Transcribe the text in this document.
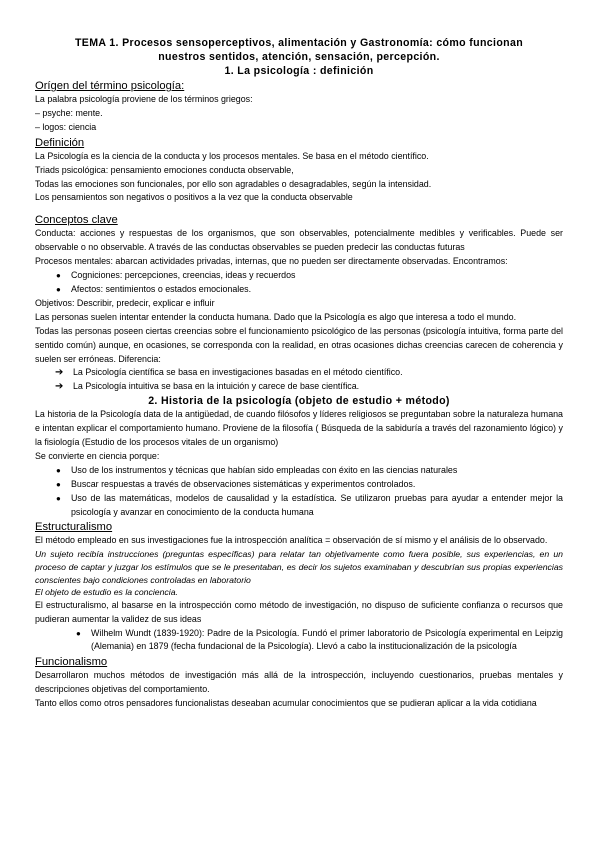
TEMA 1. Procesos sensoperceptivos, alimentación y Gastronomía: cómo funcionan
nuestros sentidos, atención, sensación, percepción.
1. La psicología : definición
Orígen del término psicología:

La palabra psicología proviene de los términos griegos:

– psyche: mente.

– logos: ciencia

Definición

La Psicología es la ciencia de la conducta y los procesos mentales. Se basa en el método científico.

Triads psicológica: pensamiento emociones conducta observable,

Todas las emociones son funcionales, por ello son agradables o desagradables, según la intensidad.

Los pensamientos son negativos o positivos a la vez que la conducta observable

Conceptos clave

Conducta: acciones y respuestas de los organismos, que son observables, potencialmente medibles y verificables. Puede ser observable o no observable. A través de las conductas observables se pueden predecir las conductas futuras

Procesos mentales: abarcan actividades privadas, internas, que no pueden ser directamente observadas. Encontramos:

● Cogniciones: percepciones, creencias, ideas y recuerdos
● Afectos: sentimientos o estados emocionales.

Objetivos: Describir, predecir, explicar e influir

Las personas suelen intentar entender la conducta humana. Dado que la Psicología es algo que interesa a todo el mundo.

Todas las personas poseen ciertas creencias sobre el funcionamiento psicológico de las personas (psicología intuitiva, forma parte del sentido común) aunque, en ocasiones, se corresponda con la realidad, en otras ocasiones dichas creencias carecen de coherencia y suelen ser erróneas. Diferencia:

➔ La Psicología científica se basa en investigaciones basadas en el método científico.
➔ La Psicología intuitiva se basa en la intuición y carece de base científica.
2. Historia de la psicología (objeto de estudio + método)

La historia de la Psicología data de la antigüedad, de cuando filósofos y líderes religiosos se preguntaban sobre la naturaleza humana e intentan explicar el comportamiento humano. Proviene de la filosofía ( Búsqueda de la sabiduría a través del razonamiento lógico) y la fisiología (Estudio de los procesos vitales de un organismo)

Se convierte en ciencia porque:

● Uso de los instrumentos y técnicas que habían sido empleadas con éxito en las ciencias naturales
● Buscar respuestas a través de observaciones sistemáticas y experimentos controlados.
● Uso de las matemáticas, modelos de causalidad y la estadística. Se utilizaron pruebas para ayudar a entender mejor la psicología y avanzar en conocimiento de la conducta humana
Estructuralismo

El método empleado en sus investigaciones fue la introspección analítica = observación de sí mismo y el análisis de lo observado.

Un sujeto recibía instrucciones (preguntas específicas) para relatar tan objetivamente como fuera posible, sus experiencias, en un proceso de captar y juzgar los estímulos que se le presentaban, es decir los sujetos examinaban y descubrían sus propias experiencias conscientes bajo condiciones controladas en laboratorio

El objeto de estudio es la conciencia.

El estructuralismo, al basarse en la introspección como método de investigación, no dispuso de suficiente confianza o recursos que pudieran aumentar la validez de sus ideas

● Wilhelm Wundt (1839-1920): Padre de la Psicología. Fundó el primer laboratorio de Psicología experimental en Leipzig (Alemania) en 1879 (fecha fundacional de la Psicología). Llevó a cabo la institucionalización de la psicología
Funcionalismo

Desarrollaron muchos métodos de investigación más allá de la introspección, incluyendo cuestionarios, pruebas mentales y descripciones objetivas del comportamiento.

Tanto ellos como otros pensadores funcionalistas deseaban acumular conocimientos que se pudieran aplicar a la vida cotidiana
